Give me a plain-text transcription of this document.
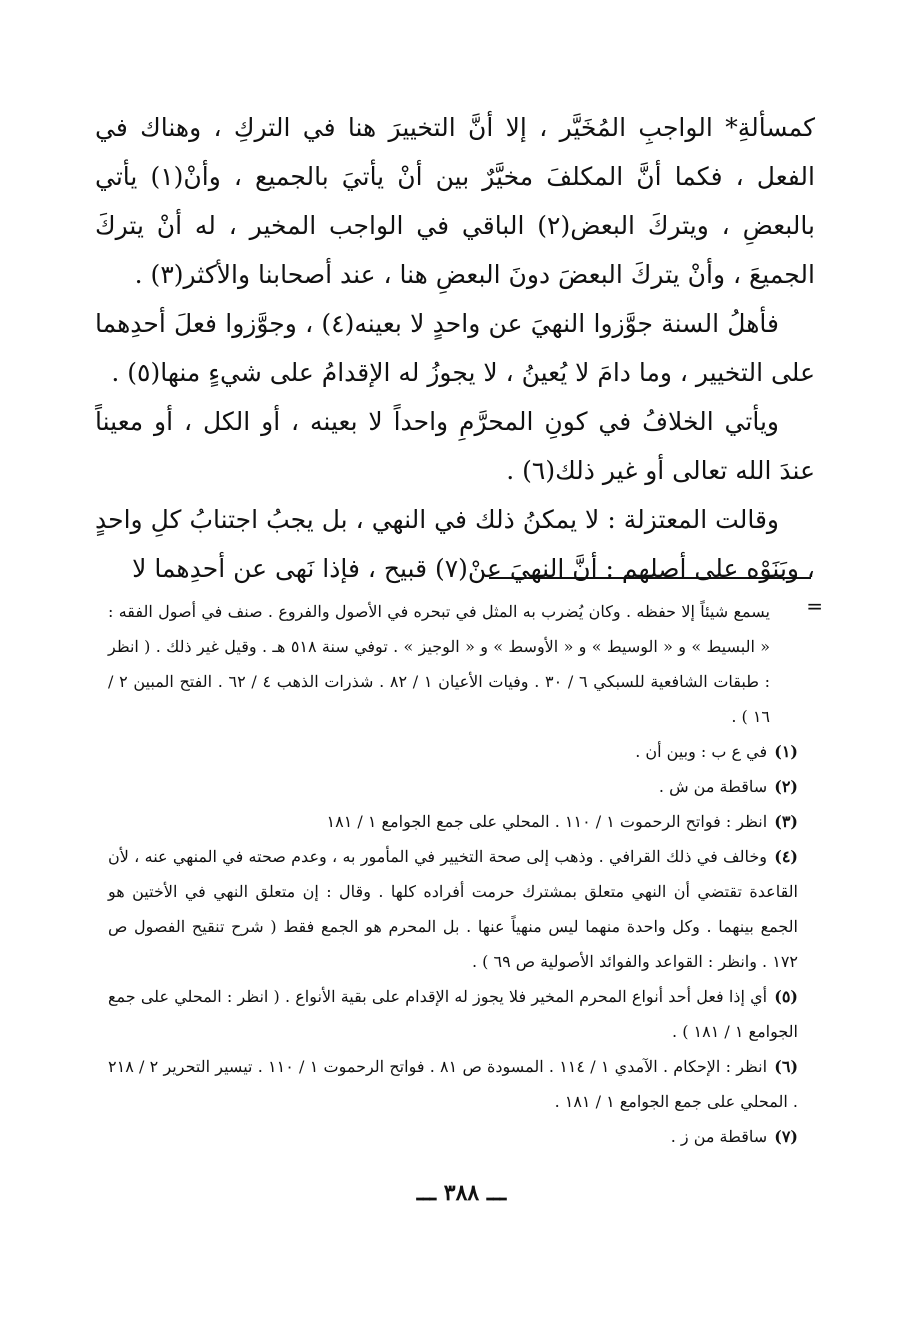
كمسألةِ* الواجبِ المُخَيَّر ، إلا أنَّ التخييرَ هنا في التركِ ، وهناك في الفعل ، فكما أنَّ المكلفَ مخيَّرٌ بين أنْ يأتيَ بالجميع ، وأنْ(١) يأتي بالبعضِ ، ويتركَ البعض(٢) الباقي في الواجب المخير ، له أنْ يتركَ الجميعَ ، وأنْ يتركَ البعضَ دونَ البعضِ هنا ، عند أصحابنا والأكثر(٣) .

فأهلُ السنة جوَّزوا النهيَ عن واحدٍ لا بعينه(٤) ، وجوَّزوا فعلَ أحدِهما على التخيير ، وما دامَ لا يُعينُ ، لا يجوزُ له الإقدامُ على شيءٍ منها(٥) .

ويأتي الخلافُ في كونِ المحرَّمِ واحداً لا بعينه ، أو الكل ، أو معيناً عندَ الله تعالى أو غير ذلك(٦) .

وقالت المعتزلة : لا يمكنُ ذلك في النهي ، بل يجبُ اجتنابُ كلِ واحدٍ ، وبَنَوْه على أصلهم : أنَّ النهيَ عنْ(٧) قبيح ، فإذا نَهى عن أحدِهما لا

=

يسمع شيئاً إلا حفظه . وكان يُضرب به المثل في تبحره في الأصول والفروع . صنف في أصول الفقه : « البسيط » و « الوسيط » و « الأوسط » و « الوجيز » . توفي سنة ٥١٨ هـ . وقيل غير ذلك . ( انظر : طبقات الشافعية للسبكي ٦ / ٣٠ . وفيات الأعيان ١ / ٨٢ . شذرات الذهب ٤ / ٦٢ . الفتح المبين ٢ / ١٦ ) .

(١) في ع ب : وبين أن .

(٢) ساقطة من ش .

(٣) انظر : فواتح الرحموت ١ / ١١٠ . المحلي على جمع الجوامع ١ / ١٨١

(٤) وخالف في ذلك القرافي . وذهب إلى صحة التخيير في المأمور به ، وعدم صحته في المنهي عنه ، لأن القاعدة تقتضي أن النهي متعلق بمشترك حرمت أفراده كلها . وقال : إن متعلق النهي في الأختين هو الجمع بينهما . وكل واحدة منهما ليس منهياً عنها . بل المحرم هو الجمع فقط ( شرح تنقيح الفصول ص ١٧٢ . وانظر : القواعد والفوائد الأصولية ص ٦٩ ) .

(٥) أي إذا فعل أحد أنواع المحرم المخير فلا يجوز له الإقدام على بقية الأنواع . ( انظر : المحلي على جمع الجوامع ١ / ١٨١ ) .

(٦) انظر : الإحكام . الآمدي ١ / ١١٤ . المسودة ص ٨١ . فواتح الرحموت ١ / ١١٠ . تيسير التحرير ٢ / ٢١٨ . المحلي على جمع الجوامع ١ / ١٨١ .

(٧) ساقطة من ز .

ـــ ٣٨٨ ـــ
